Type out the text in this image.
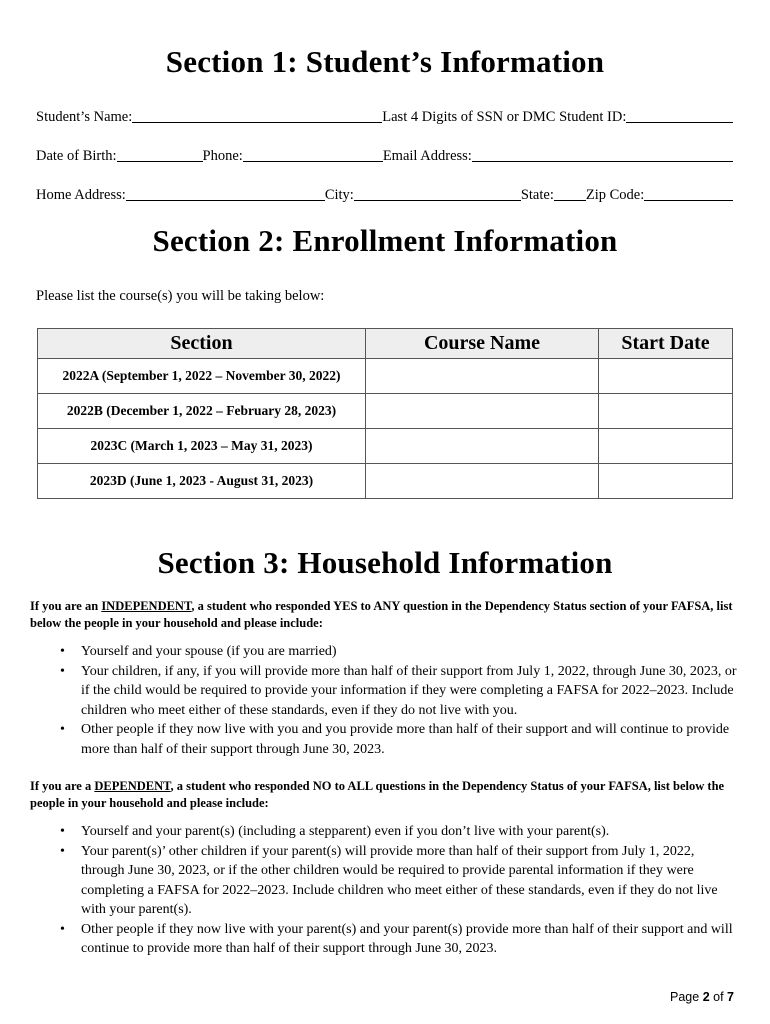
Section 1: Student’s Information
Student’s Name:	Last 4 Digits of SSN or DMC Student ID:
Date of Birth:	Phone:	Email Address:
Home Address:	City:	State: Zip Code:
Section 2: Enrollment Information
Please list the course(s) you will be taking below:
Section	Course Name	Start Date
2022A (September 1, 2022 – November 30, 2022)		
2022B (December 1, 2022 – February 28, 2023)		
2023C (March 1, 2023 – May 31, 2023)		
2023D (June 1, 2023 - August 31, 2023)		
Section 3: Household Information
If you are an INDEPENDENT, a student who responded YES to ANY question in the Dependency Status section of your FAFSA, list below the people in your household and please include:
• Yourself and your spouse (if you are married)
• Your children, if any, if you will provide more than half of their support from July 1, 2022, through June 30, 2023, or if the child would be required to provide your information if they were completing a FAFSA for 2022–2023. Include children who meet either of these standards, even if they do not live with you.
• Other people if they now live with you and you provide more than half of their support and will continue to provide more than half of their support through June 30, 2023.
If you are a DEPENDENT, a student who responded NO to ALL questions in the Dependency Status of your FAFSA, list below the people in your household and please include:
• Yourself and your parent(s) (including a stepparent) even if you don’t live with your parent(s).
• Your parent(s)’ other children if your parent(s) will provide more than half of their support from July 1, 2022, through June 30, 2023, or if the other children would be required to provide parental information if they were completing a FAFSA for 2022–2023. Include children who meet either of these standards, even if they do not live with your parent(s).
• Other people if they now live with your parent(s) and your parent(s) provide more than half of their support and will continue to provide more than half of their support through June 30, 2023.
Page 2 of 7
